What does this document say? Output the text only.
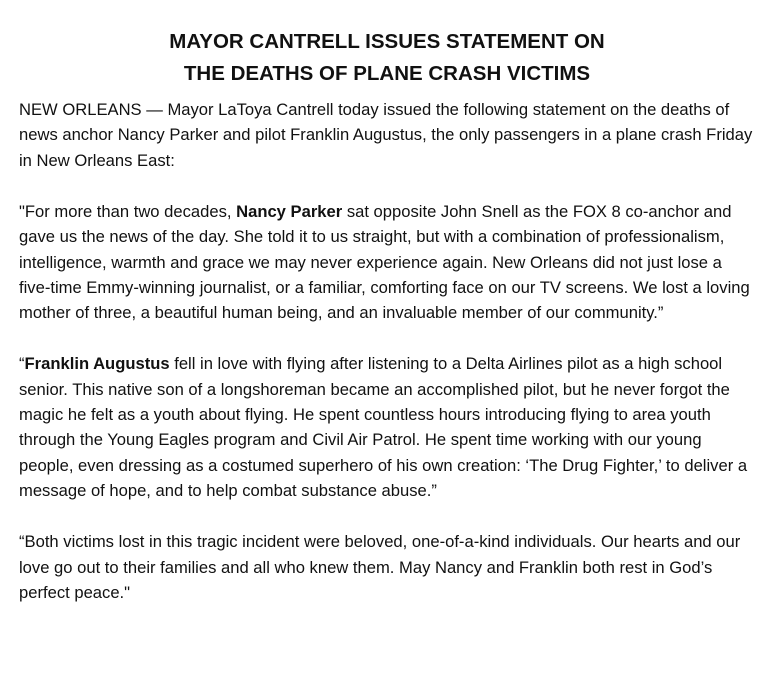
MAYOR CANTRELL ISSUES STATEMENT ON
THE DEATHS OF PLANE CRASH VICTIMS

NEW ORLEANS — Mayor LaToya Cantrell today issued the following statement on the deaths of news anchor Nancy Parker and pilot Franklin Augustus, the only passengers in a plane crash Friday in New Orleans East:

"For more than two decades, Nancy Parker sat opposite John Snell as the FOX 8 co-anchor and gave us the news of the day. She told it to us straight, but with a combination of professionalism, intelligence, warmth and grace we may never experience again. New Orleans did not just lose a five-time Emmy-winning journalist, or a familiar, comforting face on our TV screens. We lost a loving mother of three, a beautiful human being, and an invaluable member of our community.”

“Franklin Augustus fell in love with flying after listening to a Delta Airlines pilot as a high school senior. This native son of a longshoreman became an accomplished pilot, but he never forgot the magic he felt as a youth about flying. He spent countless hours introducing flying to area youth through the Young Eagles program and Civil Air Patrol. He spent time working with our young people, even dressing as a costumed superhero of his own creation: ‘The Drug Fighter,’ to deliver a message of hope, and to help combat substance abuse.”

“Both victims lost in this tragic incident were beloved, one-of-a-kind individuals. Our hearts and our love go out to their families and all who knew them. May Nancy and Franklin both rest in God’s perfect peace."
